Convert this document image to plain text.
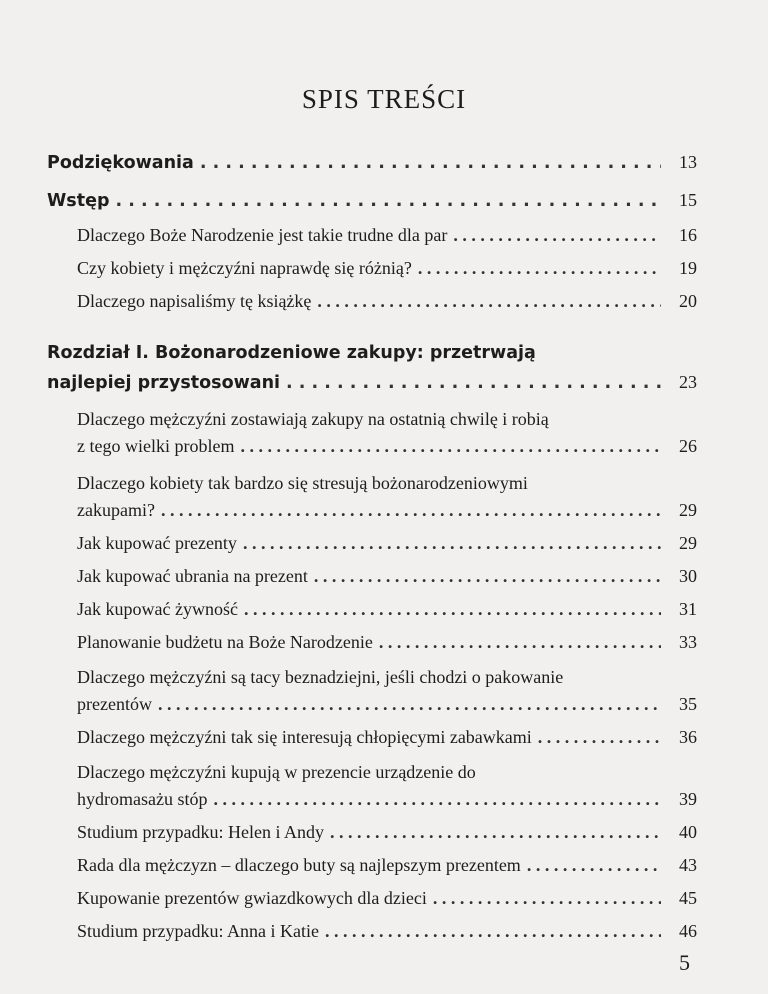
SPIS TREŚCI
Podziękowania . . .	13
Wstęp . . .	15
Dlaczego Boże Narodzenie jest takie trudne dla par . . .	16
Czy kobiety i mężczyźni naprawdę się różnią? . . .	19
Dlaczego napisaliśmy tę książkę . . .	20
Rozdział I. Bożonarodzeniowe zakupy: przetrwają
najlepiej przystosowani . . .	23
Dlaczego mężczyźni zostawiają zakupy na ostatnią chwilę i robią
z tego wielki problem . . .	26
Dlaczego kobiety tak bardzo się stresują bożonarodzeniowymi
zakupami? . . .	29
Jak kupować prezenty . . .	29
Jak kupować ubrania na prezent . . .	30
Jak kupować żywność . . .	31
Planowanie budżetu na Boże Narodzenie . . .	33
Dlaczego mężczyźni są tacy beznadziejni, jeśli chodzi o pakowanie
prezentów . . .	35
Dlaczego mężczyźni tak się interesują chłopięcymi zabawkami . . .	36
Dlaczego mężczyźni kupują w prezencie urządzenie do
hydromasażu stóp . . .	39
Studium przypadku: Helen i Andy . . .	40
Rada dla mężczyzn – dlaczego buty są najlepszym prezentem . . .	43
Kupowanie prezentów gwiazdkowych dla dzieci . . .	45
Studium przypadku: Anna i Katie . . .	46
5
